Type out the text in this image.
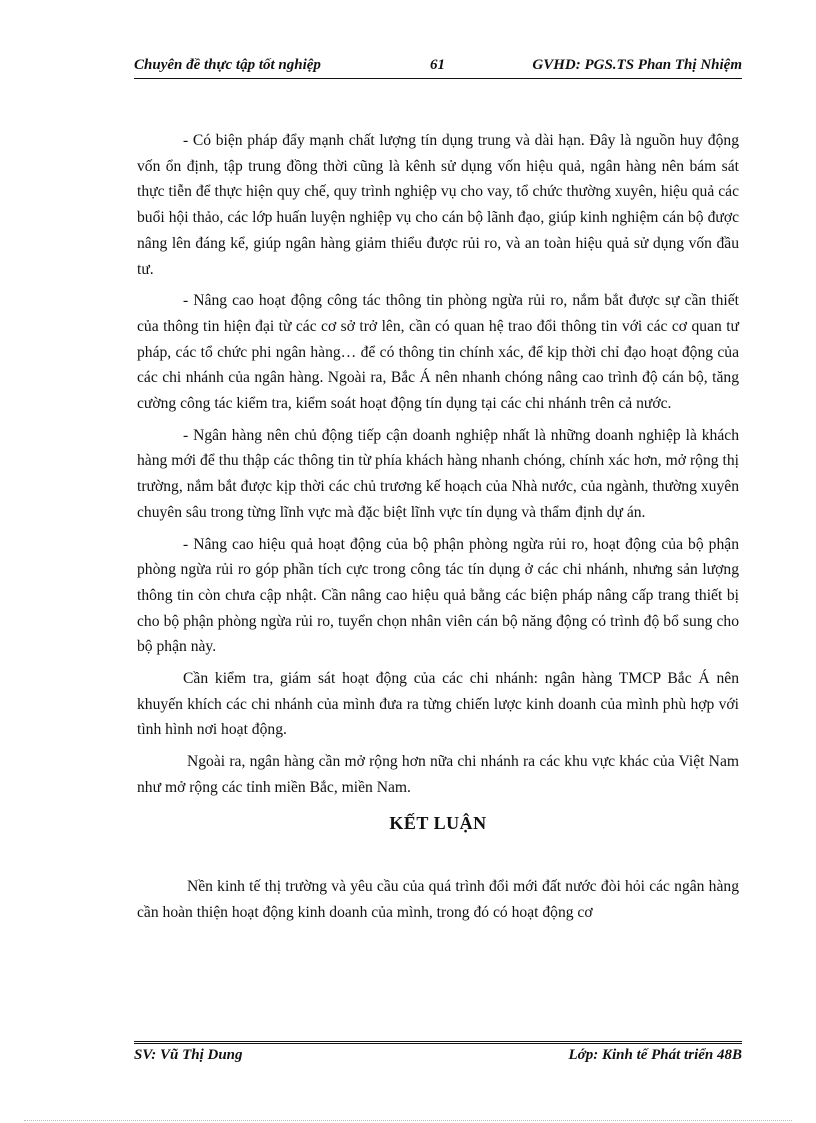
Chuyên đề thực tập tốt nghiệp	61	GVHD: PGS.TS Phan Thị Nhiệm

- Có biện pháp đẩy mạnh chất lượng tín dụng trung và dài hạn. Đây là nguồn huy động vốn ổn định, tập trung đồng thời cũng là kênh sử dụng vốn hiệu quả, ngân hàng nên bám sát thực tiễn để thực hiện quy chế, quy trình nghiệp vụ cho vay, tổ chức thường xuyên, hiệu quả các buổi hội thảo, các lớp huấn luyện nghiệp vụ cho cán bộ lãnh đạo, giúp kinh nghiệm cán bộ được nâng lên đáng kể, giúp ngân hàng giảm thiểu được rủi ro, và an toàn hiệu quả sử dụng vốn đầu tư.

- Nâng cao hoạt động công tác thông tin phòng ngừa rủi ro, nắm bắt được sự cần thiết của thông tin hiện đại từ các cơ sở trở lên, cần có quan hệ trao đổi thông tin với các cơ quan tư pháp, các tổ chức phi ngân hàng… để có thông tin chính xác, để kịp thời chỉ đạo hoạt động của các chi nhánh của ngân hàng. Ngoài ra, Bắc Á nên nhanh chóng nâng cao trình độ cán bộ, tăng cường công tác kiểm tra, kiểm soát hoạt động tín dụng tại các chi nhánh trên cả nước.

- Ngân hàng nên chủ động tiếp cận doanh nghiệp nhất là những doanh nghiệp là khách hàng mới để thu thập các thông tin từ phía khách hàng nhanh chóng, chính xác hơn, mở rộng thị trường, nắm bắt được kịp thời các chủ trương kế hoạch của Nhà nước, của ngành, thường xuyên chuyên sâu trong từng lĩnh vực mà đặc biệt lĩnh vực tín dụng và thẩm định dự án.

- Nâng cao hiệu quả hoạt động của bộ phận phòng ngừa rủi ro, hoạt động của bộ phận phòng ngừa rủi ro góp phần tích cực trong công tác tín dụng ở các chi nhánh, nhưng sản lượng thông tin còn chưa cập nhật. Cần nâng cao hiệu quả bằng các biện pháp nâng cấp trang thiết bị cho bộ phận phòng ngừa rủi ro, tuyển chọn nhân viên cán bộ năng động có trình độ bổ sung cho bộ phận này.

Cần kiểm tra, giám sát hoạt động của các chi nhánh: ngân hàng TMCP Bắc Á nên khuyến khích các chi nhánh của mình đưa ra từng chiến lược kinh doanh của mình phù hợp với tình hình nơi hoạt động.

Ngoài ra, ngân hàng cần mở rộng hơn nữa chi nhánh ra các khu vực khác của Việt Nam như mở rộng các tỉnh miền Bắc, miền Nam.

KẾT LUẬN

Nền kinh tế thị trường và yêu cầu của quá trình đổi mới đất nước đòi hỏi các ngân hàng cần hoàn thiện hoạt động kinh doanh của mình, trong đó có hoạt động cơ

SV: Vũ Thị Dung	Lớp: Kinh tế Phát triển 48B
